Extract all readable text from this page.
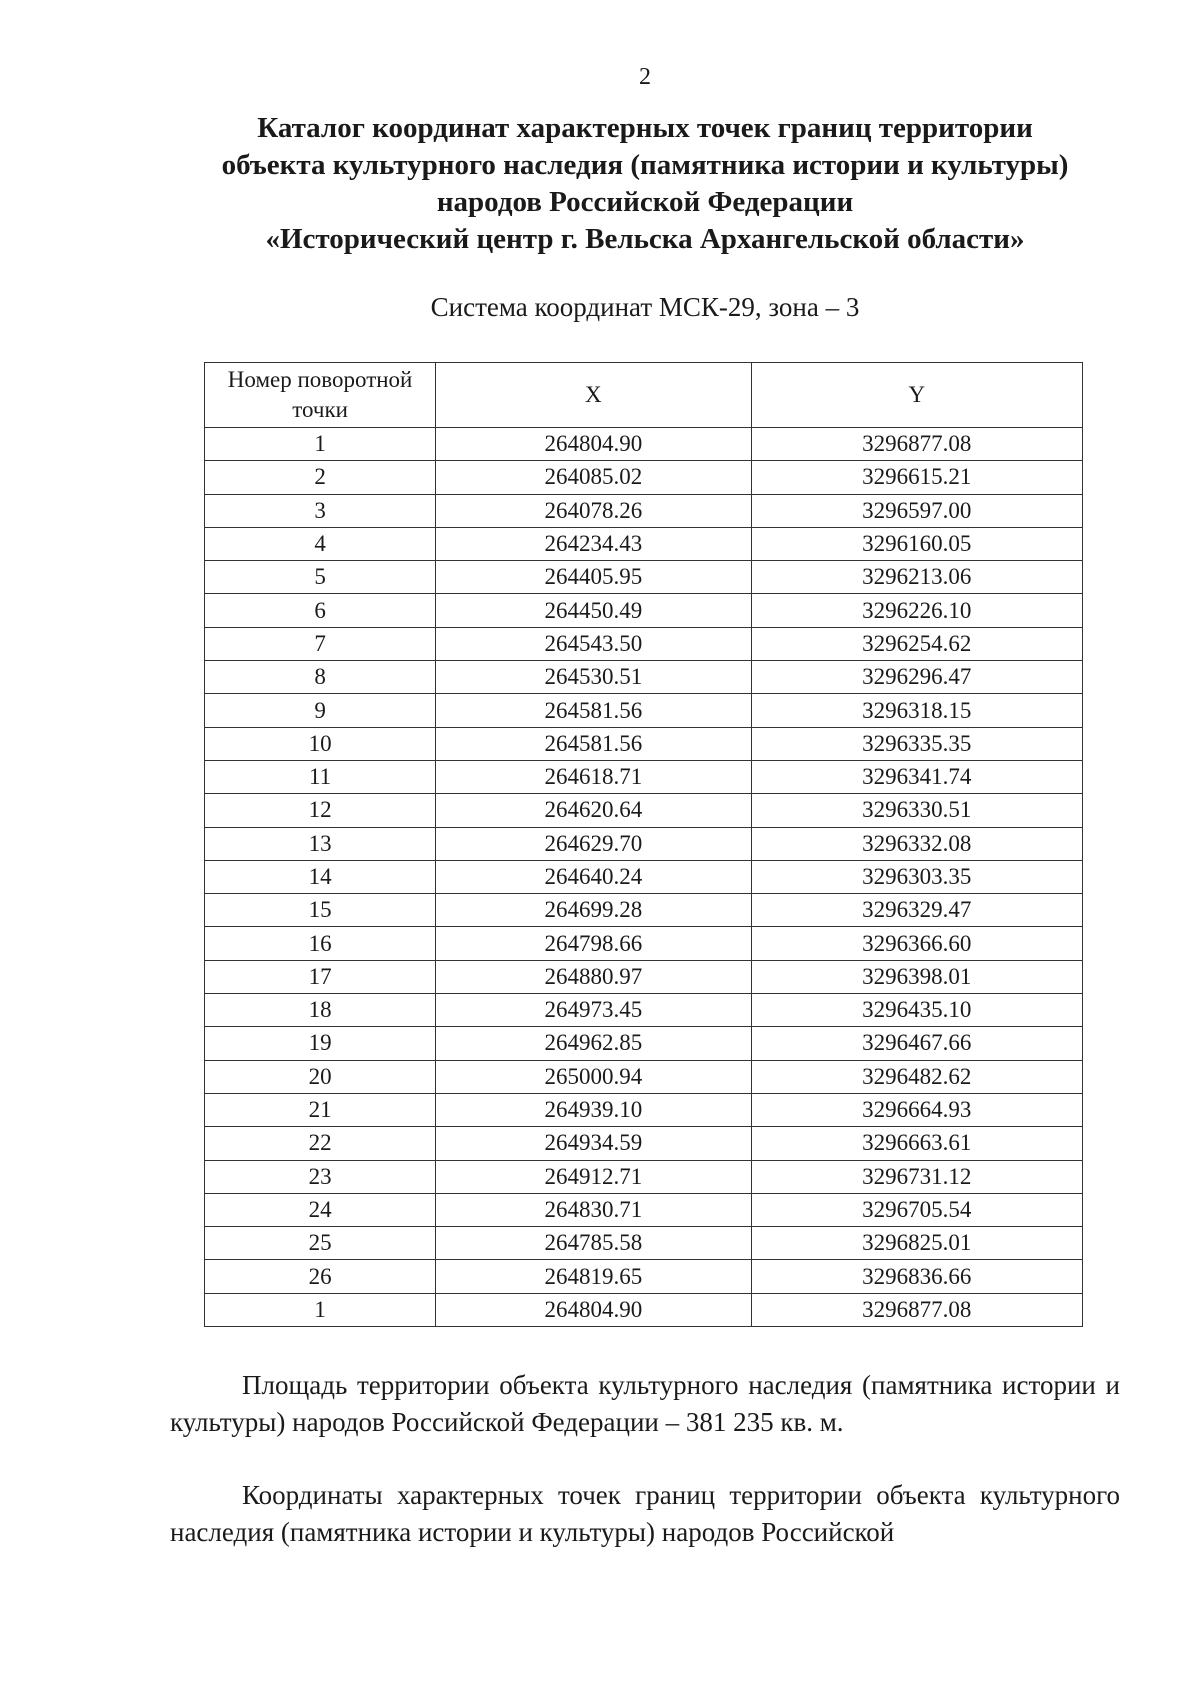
2
Каталог координат характерных точек границ территории
объекта культурного наследия (памятника истории и культуры)
народов Российской Федерации
«Исторический центр г. Вельска Архангельской области»
Система координат МСК-29, зона – 3
Номер поворотной точки	X	Y
1	264804.90	3296877.08
2	264085.02	3296615.21
3	264078.26	3296597.00
4	264234.43	3296160.05
5	264405.95	3296213.06
6	264450.49	3296226.10
7	264543.50	3296254.62
8	264530.51	3296296.47
9	264581.56	3296318.15
10	264581.56	3296335.35
11	264618.71	3296341.74
12	264620.64	3296330.51
13	264629.70	3296332.08
14	264640.24	3296303.35
15	264699.28	3296329.47
16	264798.66	3296366.60
17	264880.97	3296398.01
18	264973.45	3296435.10
19	264962.85	3296467.66
20	265000.94	3296482.62
21	264939.10	3296664.93
22	264934.59	3296663.61
23	264912.71	3296731.12
24	264830.71	3296705.54
25	264785.58	3296825.01
26	264819.65	3296836.66
1	264804.90	3296877.08
Площадь территории объекта культурного наследия (памятника истории и культуры) народов Российской Федерации – 381 235 кв. м.
Координаты характерных точек границ территории объекта культурного наследия (памятника истории и культуры) народов Российской
